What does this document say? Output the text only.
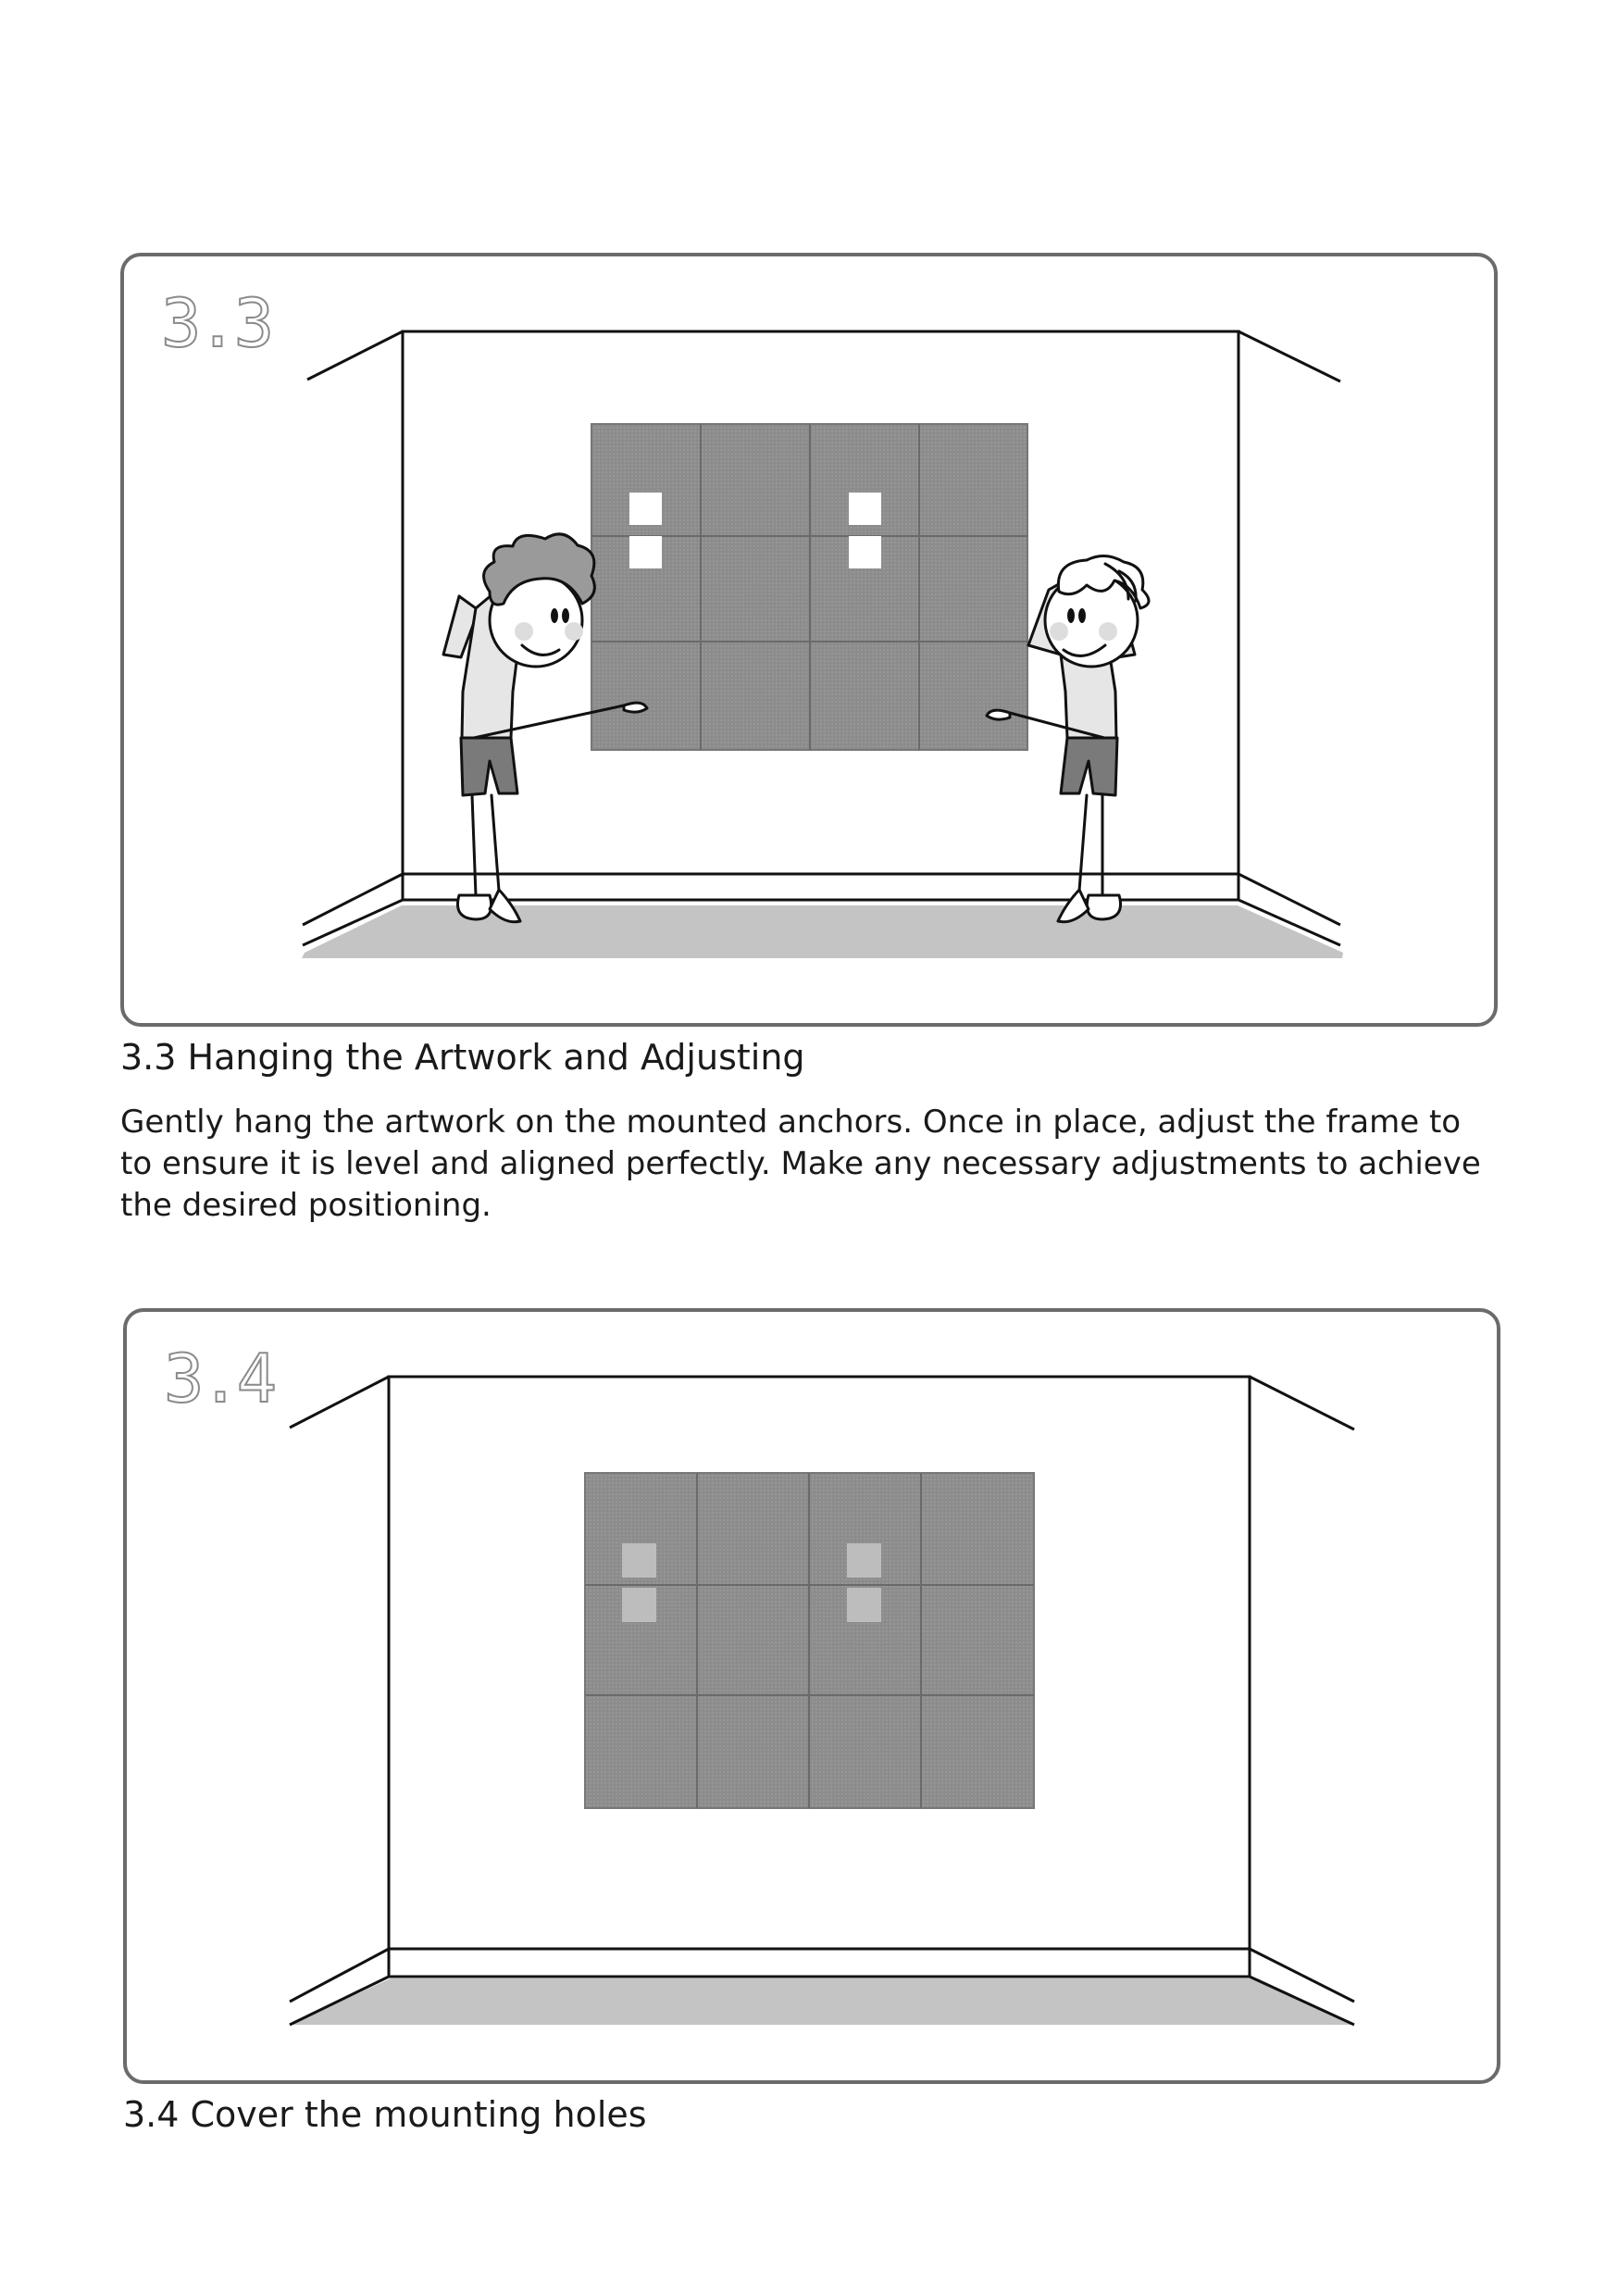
3.3
3.3 Hanging the Artwork and Adjusting
Gently hang the artwork on the mounted anchors. Once in place, adjust the frame to
to ensure it is level and aligned perfectly. Make any necessary adjustments to achieve
the desired positioning.
3.4
3.4 Cover the mounting holes
